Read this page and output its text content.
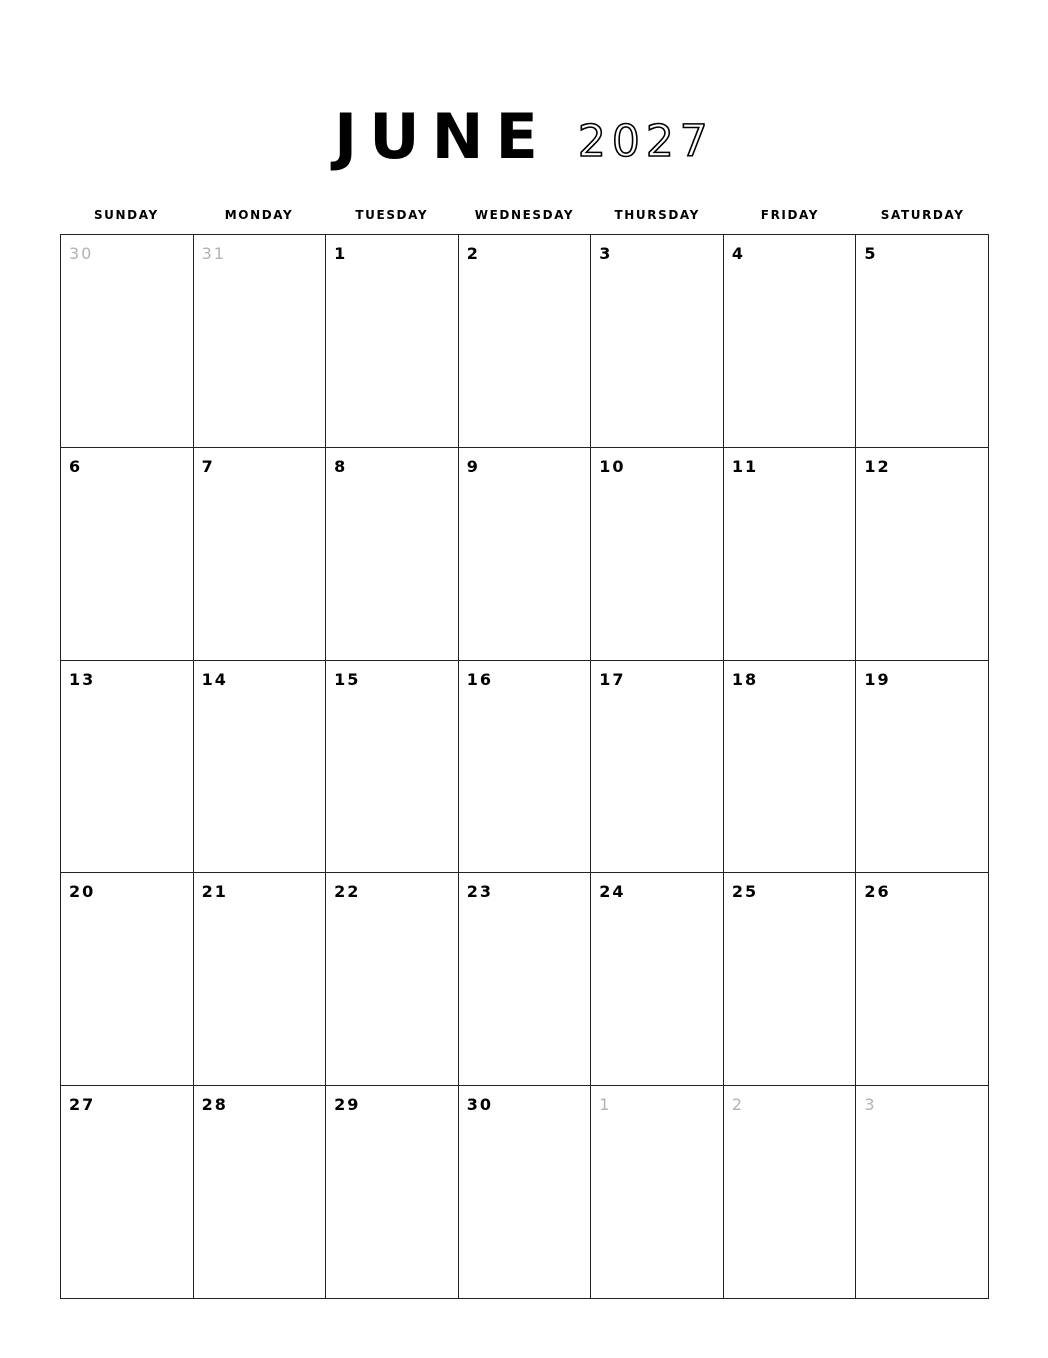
JUNE 2027
SUNDAY	MONDAY	TUESDAY	WEDNESDAY	THURSDAY	FRIDAY	SATURDAY
30	31	1	2	3	4	5
6	7	8	9	10	11	12
13	14	15	16	17	18	19
20	21	22	23	24	25	26
27	28	29	30	1	2	3
